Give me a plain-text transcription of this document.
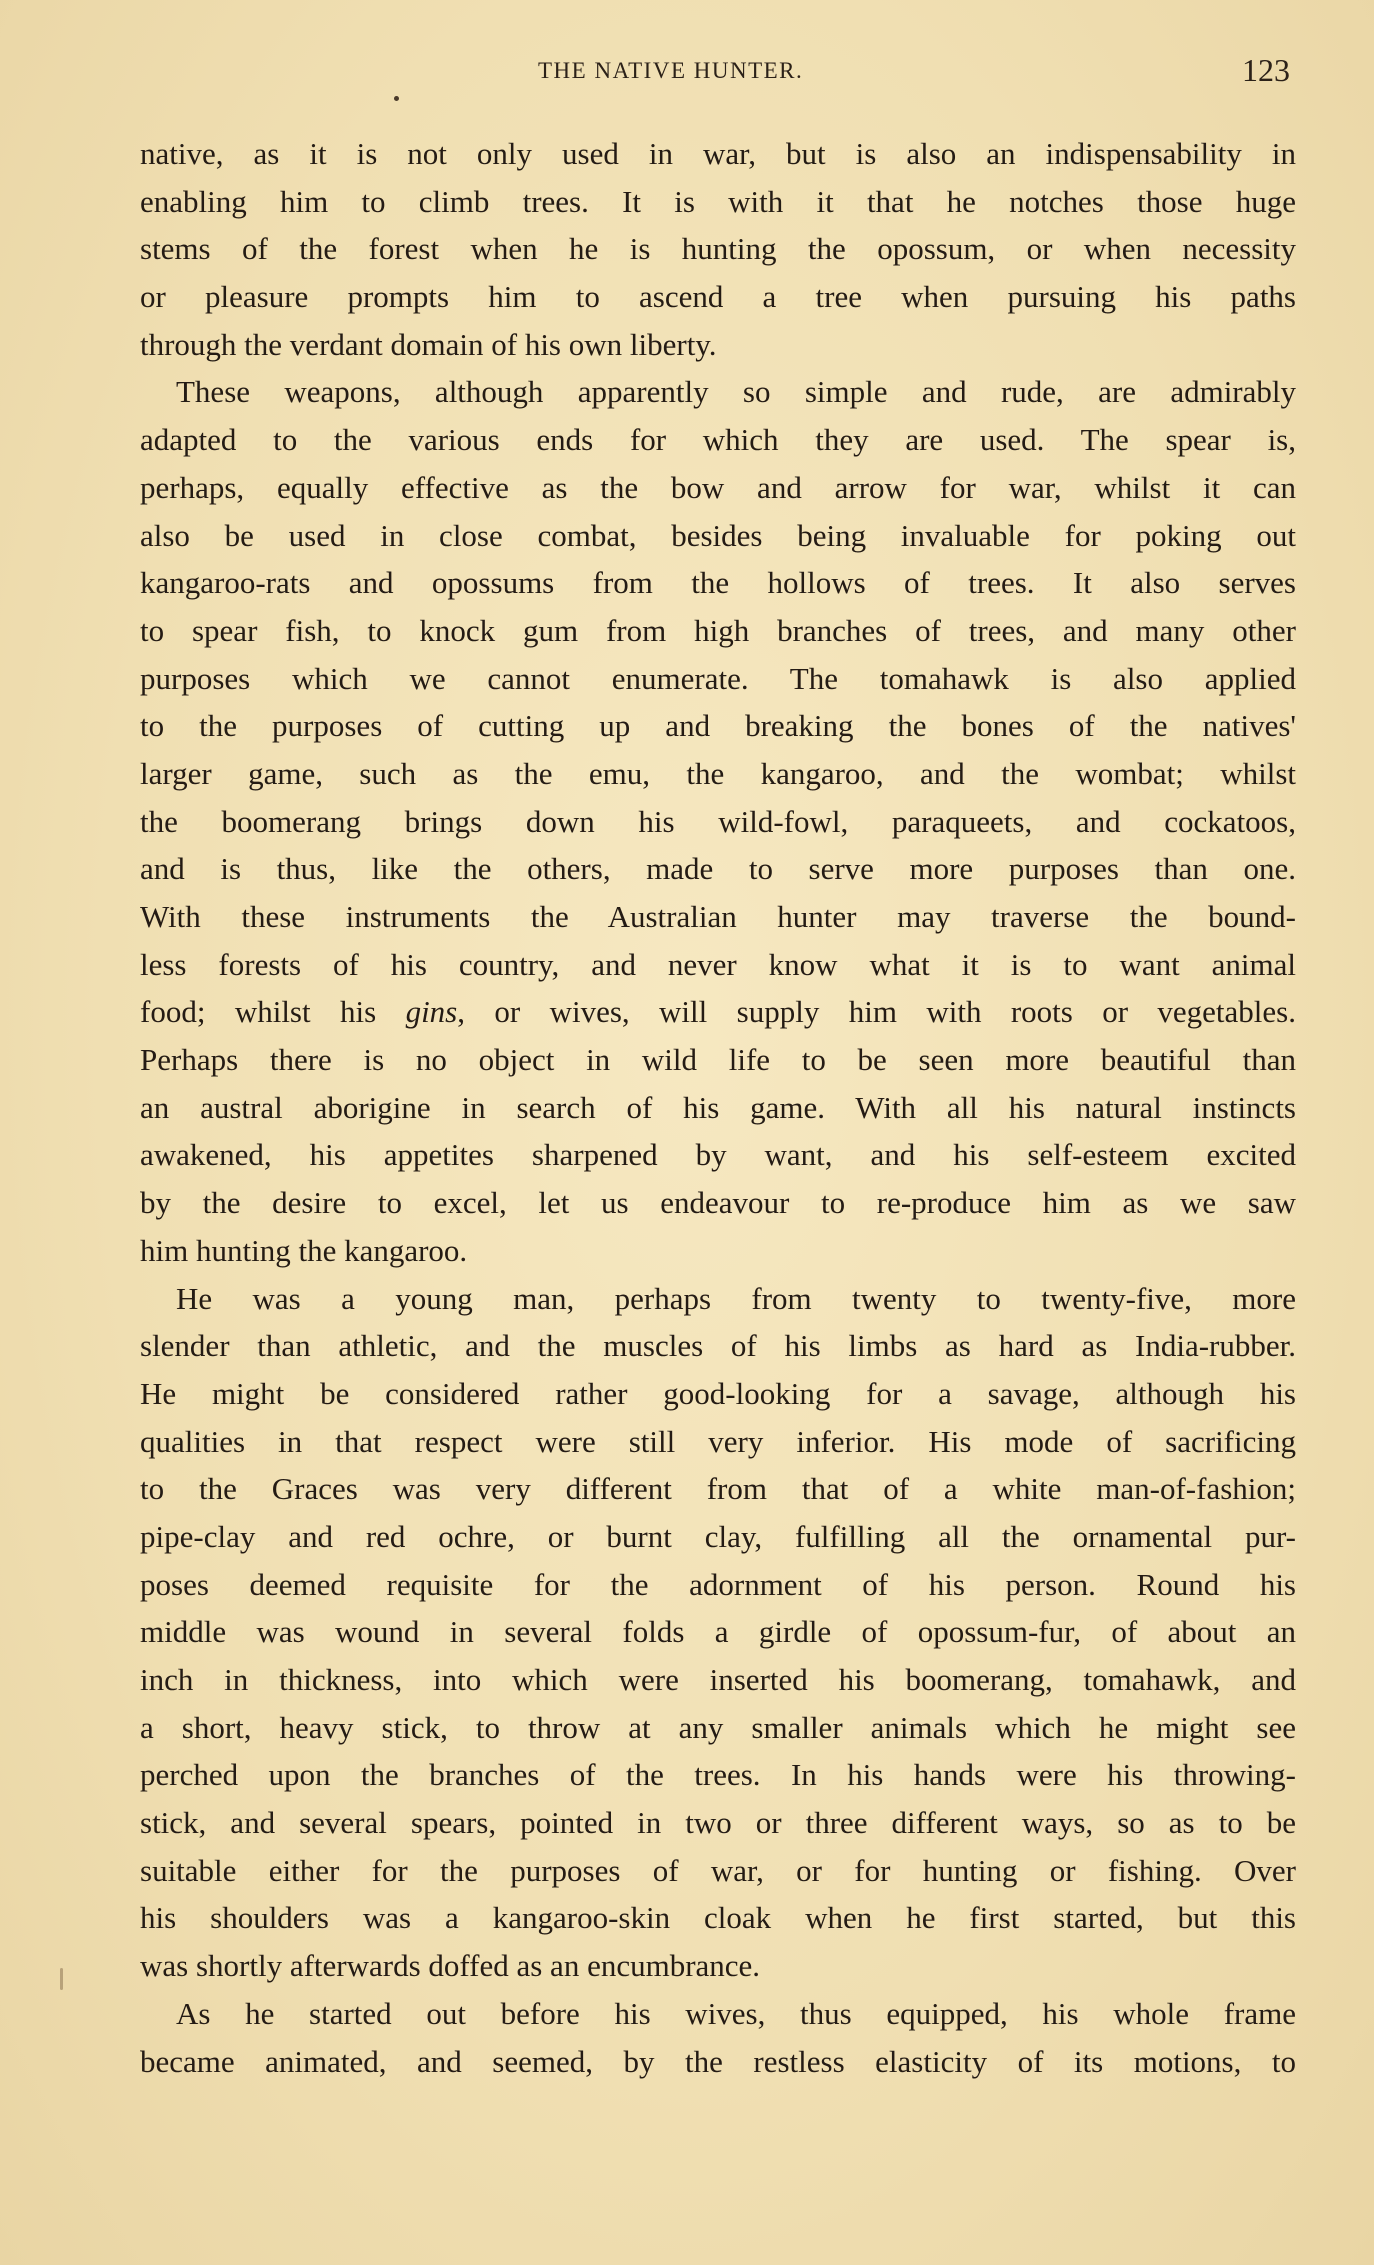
THE NATIVE HUNTER.	123
native, as it is not only used in war, but is also an indispensability in
enabling him to climb trees. It is with it that he notches those huge
stems of the forest when he is hunting the opossum, or when necessity
or pleasure prompts him to ascend a tree when pursuing his paths
through the verdant domain of his own liberty.
These weapons, although apparently so simple and rude, are admirably
adapted to the various ends for which they are used. The spear is,
perhaps, equally effective as the bow and arrow for war, whilst it can
also be used in close combat, besides being invaluable for poking out
kangaroo-rats and opossums from the hollows of trees. It also serves
to spear fish, to knock gum from high branches of trees, and many other
purposes which we cannot enumerate. The tomahawk is also applied
to the purposes of cutting up and breaking the bones of the natives'
larger game, such as the emu, the kangaroo, and the wombat; whilst
the boomerang brings down his wild-fowl, paraqueets, and cockatoos,
and is thus, like the others, made to serve more purposes than one.
With these instruments the Australian hunter may traverse the bound-
less forests of his country, and never know what it is to want animal
food; whilst his gins, or wives, will supply him with roots or vegetables.
Perhaps there is no object in wild life to be seen more beautiful than
an austral aborigine in search of his game. With all his natural instincts
awakened, his appetites sharpened by want, and his self-esteem excited
by the desire to excel, let us endeavour to re-produce him as we saw
him hunting the kangaroo.
He was a young man, perhaps from twenty to twenty-five, more
slender than athletic, and the muscles of his limbs as hard as India-rubber.
He might be considered rather good-looking for a savage, although his
qualities in that respect were still very inferior. His mode of sacrificing
to the Graces was very different from that of a white man-of-fashion;
pipe-clay and red ochre, or burnt clay, fulfilling all the ornamental pur-
poses deemed requisite for the adornment of his person. Round his
middle was wound in several folds a girdle of opossum-fur, of about an
inch in thickness, into which were inserted his boomerang, tomahawk, and
a short, heavy stick, to throw at any smaller animals which he might see
perched upon the branches of the trees. In his hands were his throwing-
stick, and several spears, pointed in two or three different ways, so as to be
suitable either for the purposes of war, or for hunting or fishing. Over
his shoulders was a kangaroo-skin cloak when he first started, but this
was shortly afterwards doffed as an encumbrance.
As he started out before his wives, thus equipped, his whole frame
became animated, and seemed, by the restless elasticity of its motions, to
